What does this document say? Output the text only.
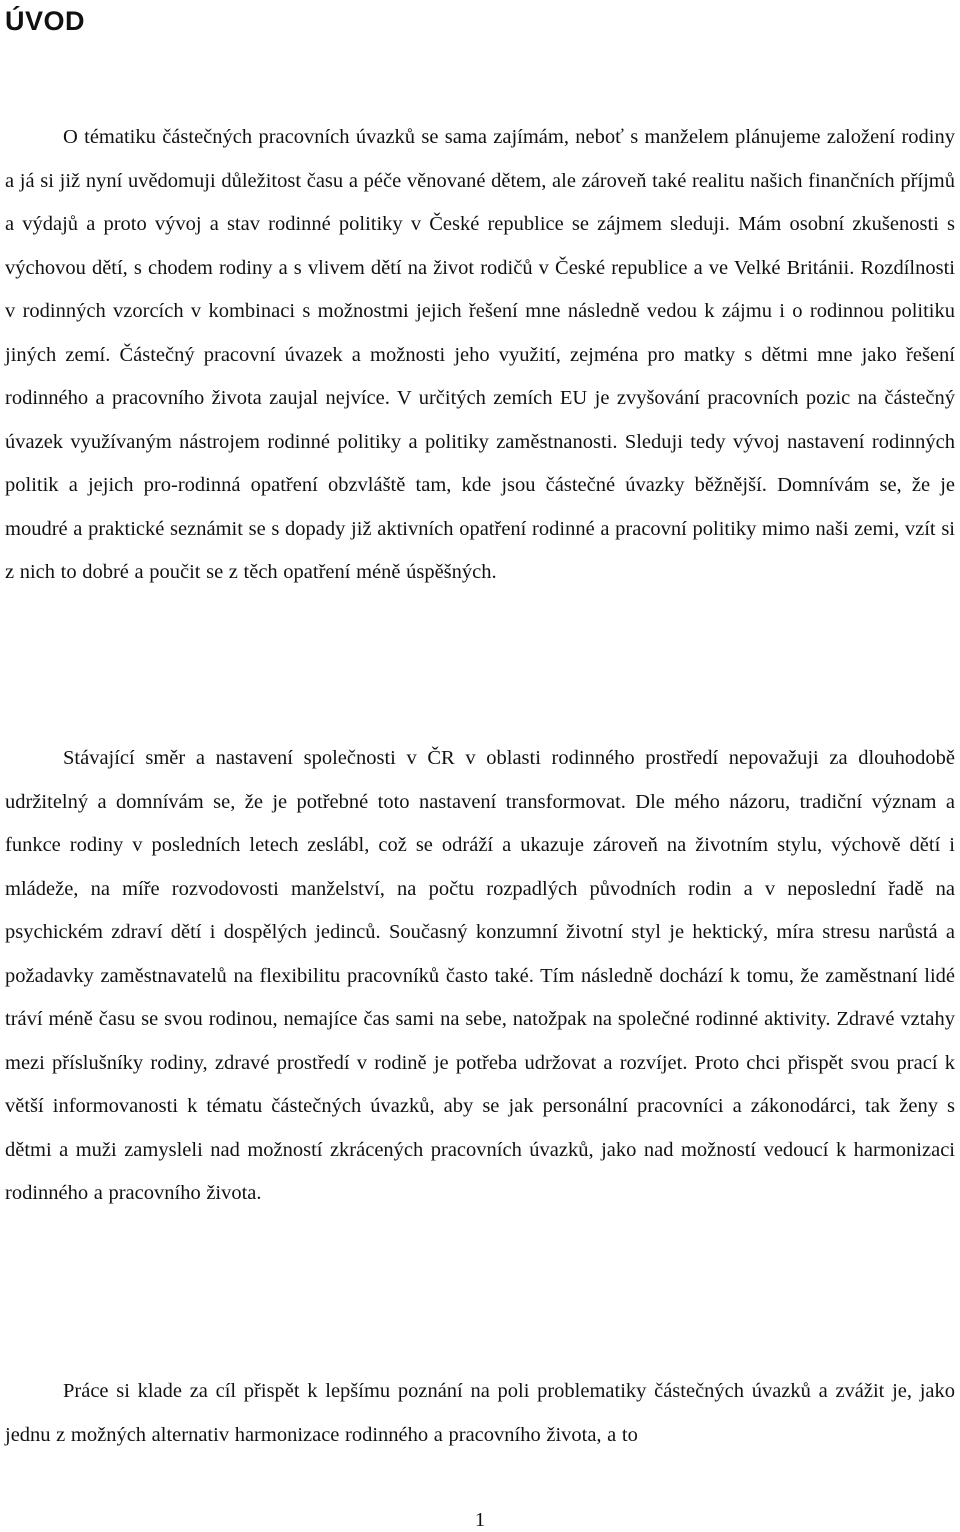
ÚVOD

O tématiku částečných pracovních úvazků se sama zajímám, neboť s manželem plánujeme založení rodiny a já si již nyní uvědomuji důležitost času a péče věnované dětem, ale zároveň také realitu našich finančních příjmů a výdajů a proto vývoj a stav rodinné politiky v České republice se zájmem sleduji. Mám osobní zkušenosti s výchovou dětí, s chodem rodiny a s vlivem dětí na život rodičů v České republice a ve Velké Británii. Rozdílnosti v rodinných vzorcích v kombinaci s možnostmi jejich řešení mne následně vedou k zájmu i o rodinnou politiku jiných zemí. Částečný pracovní úvazek a možnosti jeho využití, zejména pro matky s dětmi mne jako řešení rodinného a pracovního života zaujal nejvíce. V určitých zemích EU je zvyšování pracovních pozic na částečný úvazek využívaným nástrojem rodinné politiky a politiky zaměstnanosti. Sleduji tedy vývoj nastavení rodinných politik a jejich pro-rodinná opatření obzvláště tam, kde jsou částečné úvazky běžnější. Domnívám se, že je moudré a praktické seznámit se s dopady již aktivních opatření rodinné a pracovní politiky mimo naši zemi, vzít si z nich to dobré a poučit se z těch opatření méně úspěšných.

Stávající směr a nastavení společnosti v ČR v oblasti rodinného prostředí nepovažuji za dlouhodobě udržitelný a domnívám se, že je potřebné toto nastavení transformovat. Dle mého názoru, tradiční význam a funkce rodiny v posledních letech zeslábl, což se odráží a ukazuje zároveň na životním stylu, výchově dětí i mládeže, na míře rozvodovosti manželství, na počtu rozpadlých původních rodin a v neposlední řadě na psychickém zdraví dětí i dospělých jedinců. Současný konzumní životní styl je hektický, míra stresu narůstá a požadavky zaměstnavatelů na flexibilitu pracovníků často také. Tím následně dochází k tomu, že zaměstnaní lidé tráví méně času se svou rodinou, nemajíce čas sami na sebe, natožpak na společné rodinné aktivity. Zdravé vztahy mezi příslušníky rodiny, zdravé prostředí v rodině je potřeba udržovat a rozvíjet. Proto chci přispět svou prací k větší informovanosti k tématu částečných úvazků, aby se jak personální pracovníci a zákonodárci, tak ženy s dětmi a muži zamysleli nad možností zkrácených pracovních úvazků, jako nad možností vedoucí k harmonizaci rodinného a pracovního života.

Práce si klade za cíl přispět k lepšímu poznání na poli problematiky částečných úvazků a zvážit je, jako jednu z možných alternativ harmonizace rodinného a pracovního života, a to

1
